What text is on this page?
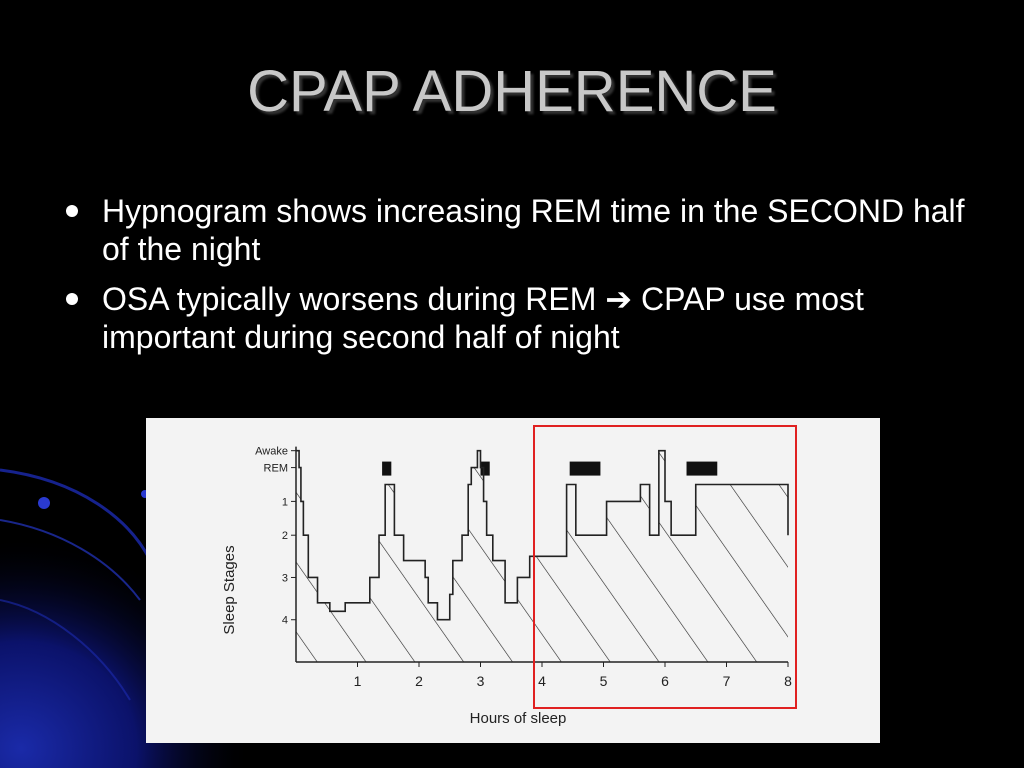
CPAP ADHERENCE
Hypnogram shows increasing REM time in the SECOND half of the night
OSA typically worsens during REM ➔ CPAP use most important during second half of night
Awake
REM
1
2
3
4
1	2	3	4	5	6	7	8
Sleep Stages
Hours of sleep
